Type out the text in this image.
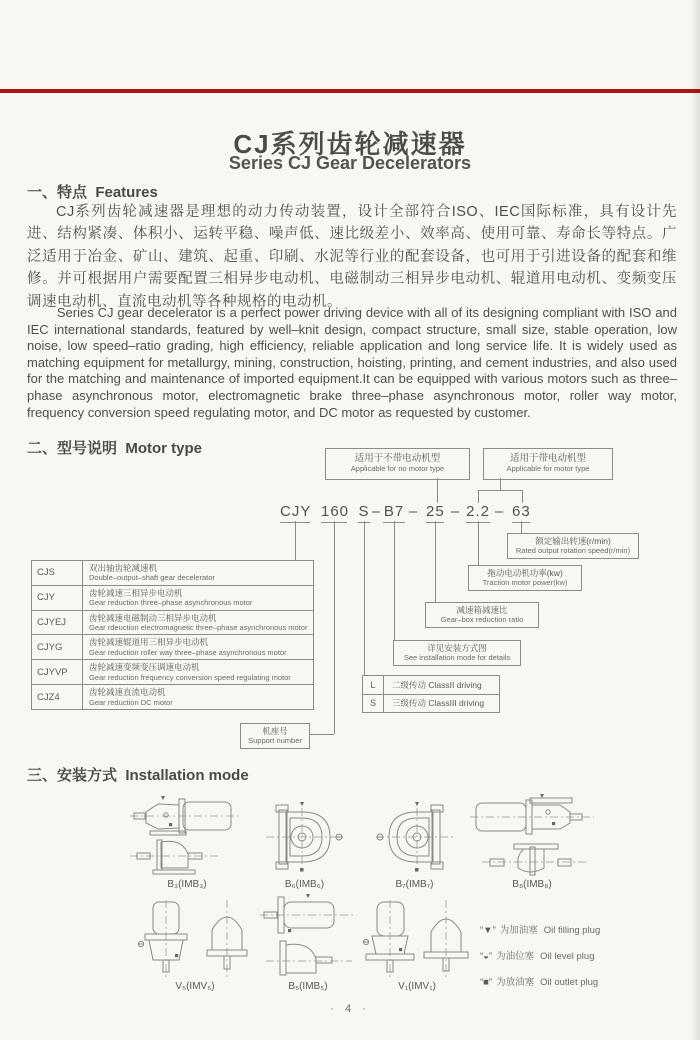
CJ系列齿轮减速器
Series CJ Gear Decelerators
一、特点  Features
CJ系列齿轮减速器是理想的动力传动装置，设计全部符合ISO、IEC国际标准，具有设计先进、结构紧凑、体积小、运转平稳、噪声低、速比级差小、效率高、使用可靠、寿命长等特点。广泛适用于冶金、矿山、建筑、起重、印刷、水泥等行业的配套设备，也可用于引进设备的配套和维修。并可根据用户需要配置三相异步电动机、电磁制动三相异步电动机、辊道用电动机、变频变压调速电动机、直流电动机等各种规格的电动机。
Series CJ gear decelerator is a perfect power driving device with all of its designing compliant with ISO and IEC international standards, featured by well–knit design, compact structure, small size, stable operation, low noise, low speed–ratio grading, high efficiency, reliable application and long service life. It is widely used as matching equipment for metallurgy, mining, construction, hoisting, printing, and cement industries, and also used for the matching and maintenance of imported equipment.It can be equipped with various motors such as three–phase asynchronous motor, electromagnetic brake three–phase asynchronous motor, roller way motor, frequency conversion speed regulating motor, and DC motor as requested by customer.
二、型号说明  Motor type
适用于不带电动机型
Applicable for no motor type
适用于带电动机型
Applicable for motor type
CJY 160 S – B7 – 25 – 2.2 – 63
额定输出转速(r/min)
Rated output rotation speed(r/min)
拖动电动机功率(kw)
Traction motor power(kw)
减速箱减速比
Gear–box reduction ratio
详见安装方式图
See installation mode for details
L	二级传动 ClassII driving
S	三级传动 ClassIII driving
机座号
Support number
CJS	双出轴齿轮减速机
Double–output–shaft gear decelerator
CJY	齿轮减速三相异步电动机
Gear reduction three–phase asynchronous motor
CJYEJ	齿轮减速电磁制动三相异步电动机
Gear rdeuction electromagnetic three–phase asynchronous motor
CJYG	齿轮减速辊道用三相异步电动机
Gear reduction roller way three–phase asynchronous motor
CJYVP	齿轮减速变频变压调速电动机
Gear reduction frequency conversion speed regulating motor
CJZ4	齿轮减速直流电动机
Gear reduction DC motor
三、安装方式  Installation mode
B₃(IMB₃)	B₆(IMB₆)	B₇(IMB₇)	B₈(IMB₈)
V₅(IMV₅)	B₅(IMB₅)	V₁(IMV₁)
“▼” 为加油塞 Oil filling plug
“◒” 为油位塞 Oil level plug
“■” 为放油塞 Oil outlet plug
· 4 ·
